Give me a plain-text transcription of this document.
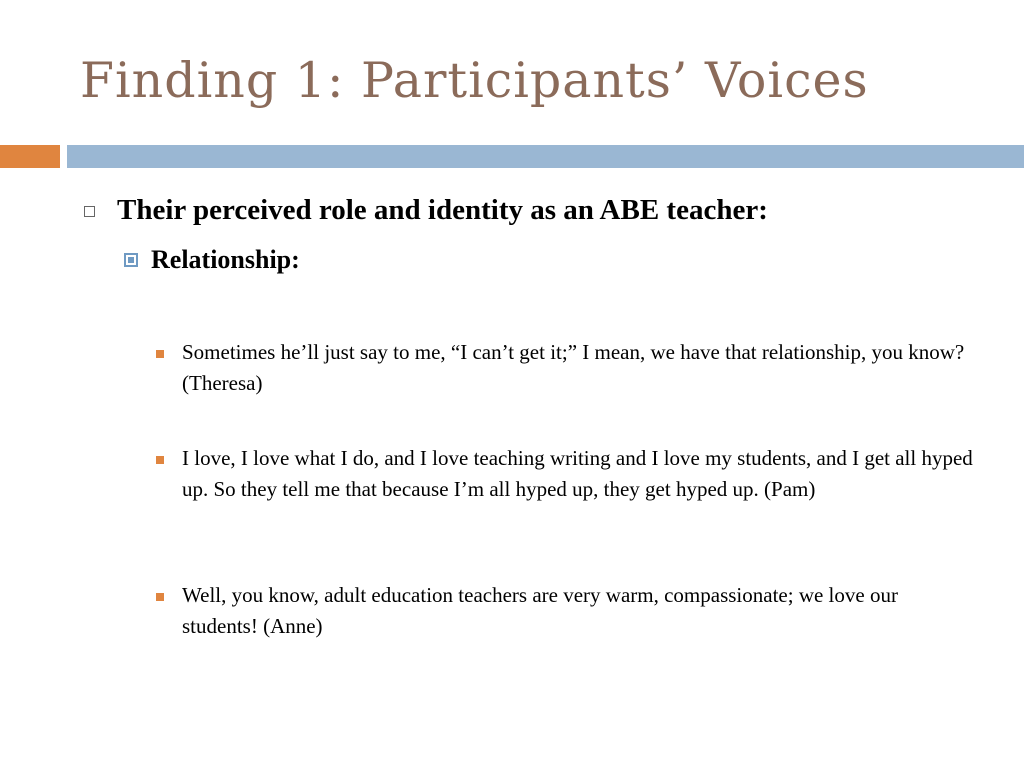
Finding 1: Participants’ Voices
Their perceived role and identity as an ABE teacher:
Relationship:
Sometimes he’ll just say to me, “I can’t get it;” I mean, we have that relationship, you know?(Theresa)
I love, I love what I do, and I love teaching writing and I love my students, and I get all hyped up. So they tell me that because I’m all hyped up, they get hyped up. (Pam)
Well, you know, adult education teachers are very warm, compassionate; we love our students! (Anne)
